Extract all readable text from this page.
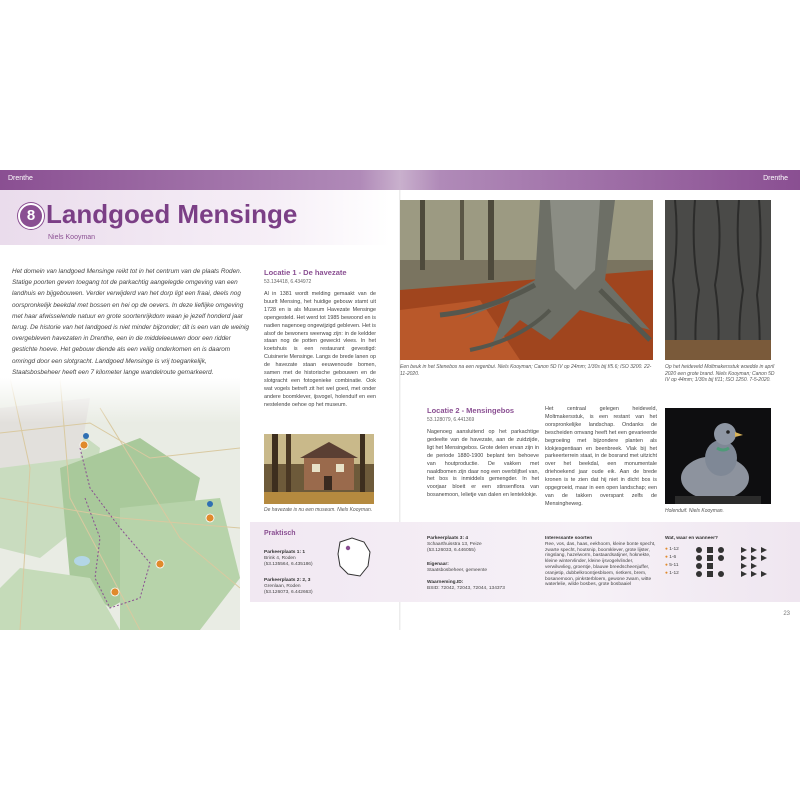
Drenthe	Drenthe
8 Landgoed Mensinge
Niels Kooyman
Het domein van landgoed Mensinge reikt tot in het centrum van de plaats Roden. Statige poorten geven toegang tot de parkachtig aangelegde omgeving van een landhuis en bijgebouwen. Verder verwijderd van het dorp ligt een fraai, deels nog oorspronkelijk beekdal met bossen en hei op de oevers. In deze lieflijke omgeving met haar afwisselende natuur en grote soortenrijkdom waan je jezelf honderd jaar terug. De historie van het landgoed is niet minder bijzonder; dit is een van de weinig overgebleven havezaten in Drenthe, een in de middeleeuwen door een ridder gestichte hoeve. Het gebouw diende als een veilig onderkomen en is daarom omringd door een slotgracht. Landgoed Mensinge is vrij toegankelijk, Staatsbosbeheer heeft een 7 kilometer lange wandelroute gemarkeerd.
Locatie 1 - De havezate
53.134418, 6.434972
Al in 1381 wordt melding gemaakt van de buurlt Mensing, het huidige gebouw stamt uit 1728 en is als Museum Havezate Mensinge opengesteld. Het werd tot 1985 bewoond en is nadien nagenoeg ongewijzigd gebleven. Het is alsof de bewoners weerwag zijn: in de keldder staan nog de potten geweckt vlees. In het koetshuis is een restaurant gevestigd: Cuisinerie Mensinge. Langs de brede lanen op de havezate staan eeuwenoude bomen, samen met de historische gebouwen en de slotgracht een fotogenieke combinatie. Ook wat vogels betreft zit het wel goed, met onder andere boomklever, ijsvogel, holenduif en een nestelende oehoe op het museum.
De havezate is nu een museum. Niels Kooyman.
Een beuk in het Stenebos na een regenbui. Niels Kooyman; Canon 5D IV op 24mm; 1/30s bij f/5.6; ISO 3200. 22-11-2020.
Op het heideveld Moltmakersstuk woedde in april 2020 een grote brand. Niels Kooyman; Canon 5D IV op 44mm; 1/30s bij f/11; ISO 1250. 7-5-2020.
Locatie 2 - Mensingebos
53.128079, 6.441369
Nagenoeg aansluitend op het parkachtige gedeelte van de havezate, aan de zuidzijde, ligt het Mensingebos. Grote delen ervan zijn in de periode 1880-1900 beplant ten behoeve van houtproductie. De vakken met naaldbomen zijn daar nog een overblijfsel van, het bos is inmiddels gemengder. In het voorjaar bloeit er een stinsenflora van bosanemoon, lelietje van dalen en lenteklokje.
Het centraal gelegen heideveld, Moltmakersstuk, is een restant van het oorspronkelijke landschap. Ondanks de bescheiden omvang heeft het een gevarieerde begroeiing met bijzondere planten als klokjesgentiaan en beenbreek. Vlak bij het parkeerterrein staat, in de bosrand met uitzicht over het beekdal, een monumentale driehoekend jaar oude eik. Aan de brede kronen is te zien dat hij niet in dicht bos is opgegroeid, maar in een open landschap; een van de takken overspant zelfs de Mensingheweg.
Holenduif. Niels Kooyman.
Praktisch
Parkeerplaats 1: 1
Brink 4, Roden
(53.135564, 6.435186)
Parkeerplaats 2: 2, 3
Grenlaan, Roden
(53.126073, 6.442663)
Parkeerplaats 3: 4
Schaarthuisstra 13, Peize
(53.126033, 6.446055)
Eigenaar:
Staatsbosbeheer, gemeente
Waarneming.ID:
BSID: 72042, 72043, 72044, 134373
Interessante soorten
Ree, vos, das, haas, eekhoorn, kleine bonte specht, zwarte specht, houtsnip, boomklever, grote lijster, ringslang, hazelworm, bastaardsatijner, hoknekte, kleine wintervlinder, kleine ijsvogelvlinder, verwilwvlieg, groentje, blauwe breedscheenjuffer, oranjetip, dubbelkroontjesbloem, rietkers, brem, bosanemoon, pinksterbloem, gewone zwam, witte waterlelie, wilde bosbes, grote bosbaaiel
Wat, waar en wanneer?
● 1-12
● 1-6
● 5-11
● 1-12
23
